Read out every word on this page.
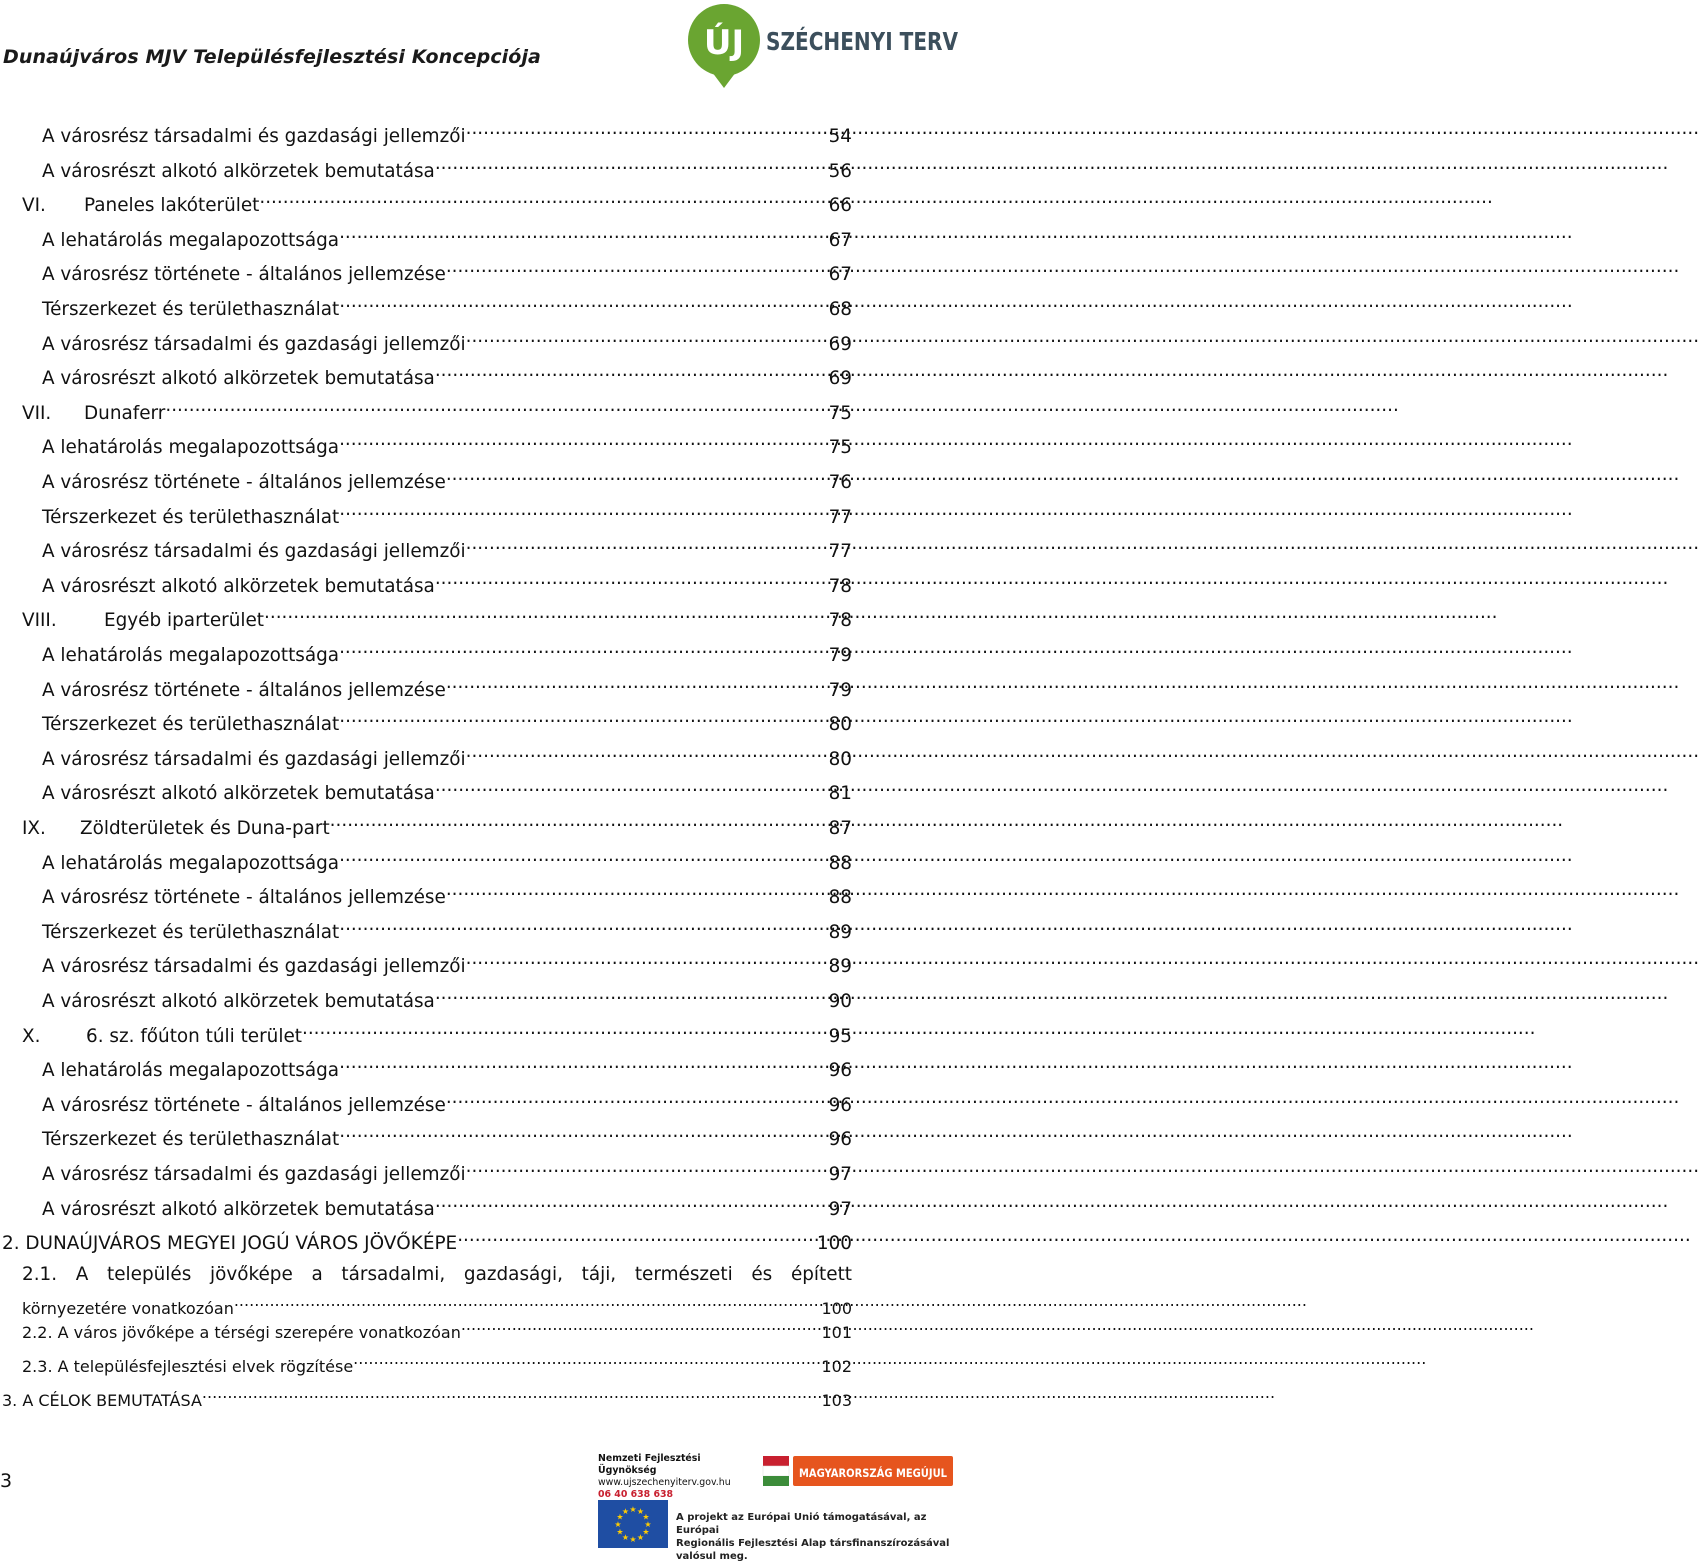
Dunaújváros MJV Településfejlesztési Koncepciója	ÚJ SZÉCHENYI TERV
A városrész társadalmi és gazdasági jellemzői .....	54
A városrészt alkotó alkörzetek bemutatása .....	56
VI.	Paneles lakóterület .....	66
A lehatárolás megalapozottsága .....	67
A városrész története - általános jellemzése .....	67
Térszerkezet és területhasználat .....	68
A városrész társadalmi és gazdasági jellemzői .....	69
A városrészt alkotó alkörzetek bemutatása .....	69
VII.	Dunaferr .....	75
A lehatárolás megalapozottsága .....	75
A városrész története - általános jellemzése .....	76
Térszerkezet és területhasználat .....	77
A városrész társadalmi és gazdasági jellemzői .....	77
A városrészt alkotó alkörzetek bemutatása .....	78
VIII.	Egyéb iparterület .....	78
A lehatárolás megalapozottsága .....	79
A városrész története - általános jellemzése .....	79
Térszerkezet és területhasználat .....	80
A városrész társadalmi és gazdasági jellemzői .....	80
A városrészt alkotó alkörzetek bemutatása .....	81
IX.	Zöldterületek és Duna-part .....	87
A lehatárolás megalapozottsága .....	88
A városrész története - általános jellemzése .....	88
Térszerkezet és területhasználat .....	89
A városrész társadalmi és gazdasági jellemzői .....	89
A városrészt alkotó alkörzetek bemutatása .....	90
X.	6. sz. főúton túli terület .....	95
A lehatárolás megalapozottsága .....	96
A városrész története - általános jellemzése .....	96
Térszerkezet és területhasználat .....	96
A városrész társadalmi és gazdasági jellemzői .....	97
A városrészt alkotó alkörzetek bemutatása .....	97
2. DUNAÚJVÁROS MEGYEI JOGÚ VÁROS JÖVŐKÉPE .....	100
2.1. A település jövőképe a társadalmi, gazdasági, táji, természeti és épített
környezetére vonatkozóan .....	100
3
Nemzeti Fejlesztési Ügynökség
www.ujszechenyiterv.gov.hu
06 40 638 638
MAGYARORSZÁG MEGÚJUL
★
★
★
★
★
★
★
★
★ ★ ★
★	A projekt az Európai Unió támogatásával, az Európai
Regionális Fejlesztési Alap társfinanszírozásával valósul meg.
2.2. A város jövőképe a térségi szerepére vonatkozóan .....	101
2.3. A településfejlesztési elvek rögzítése .....	102
3. A CÉLOK BEMUTATÁSA .....	103
